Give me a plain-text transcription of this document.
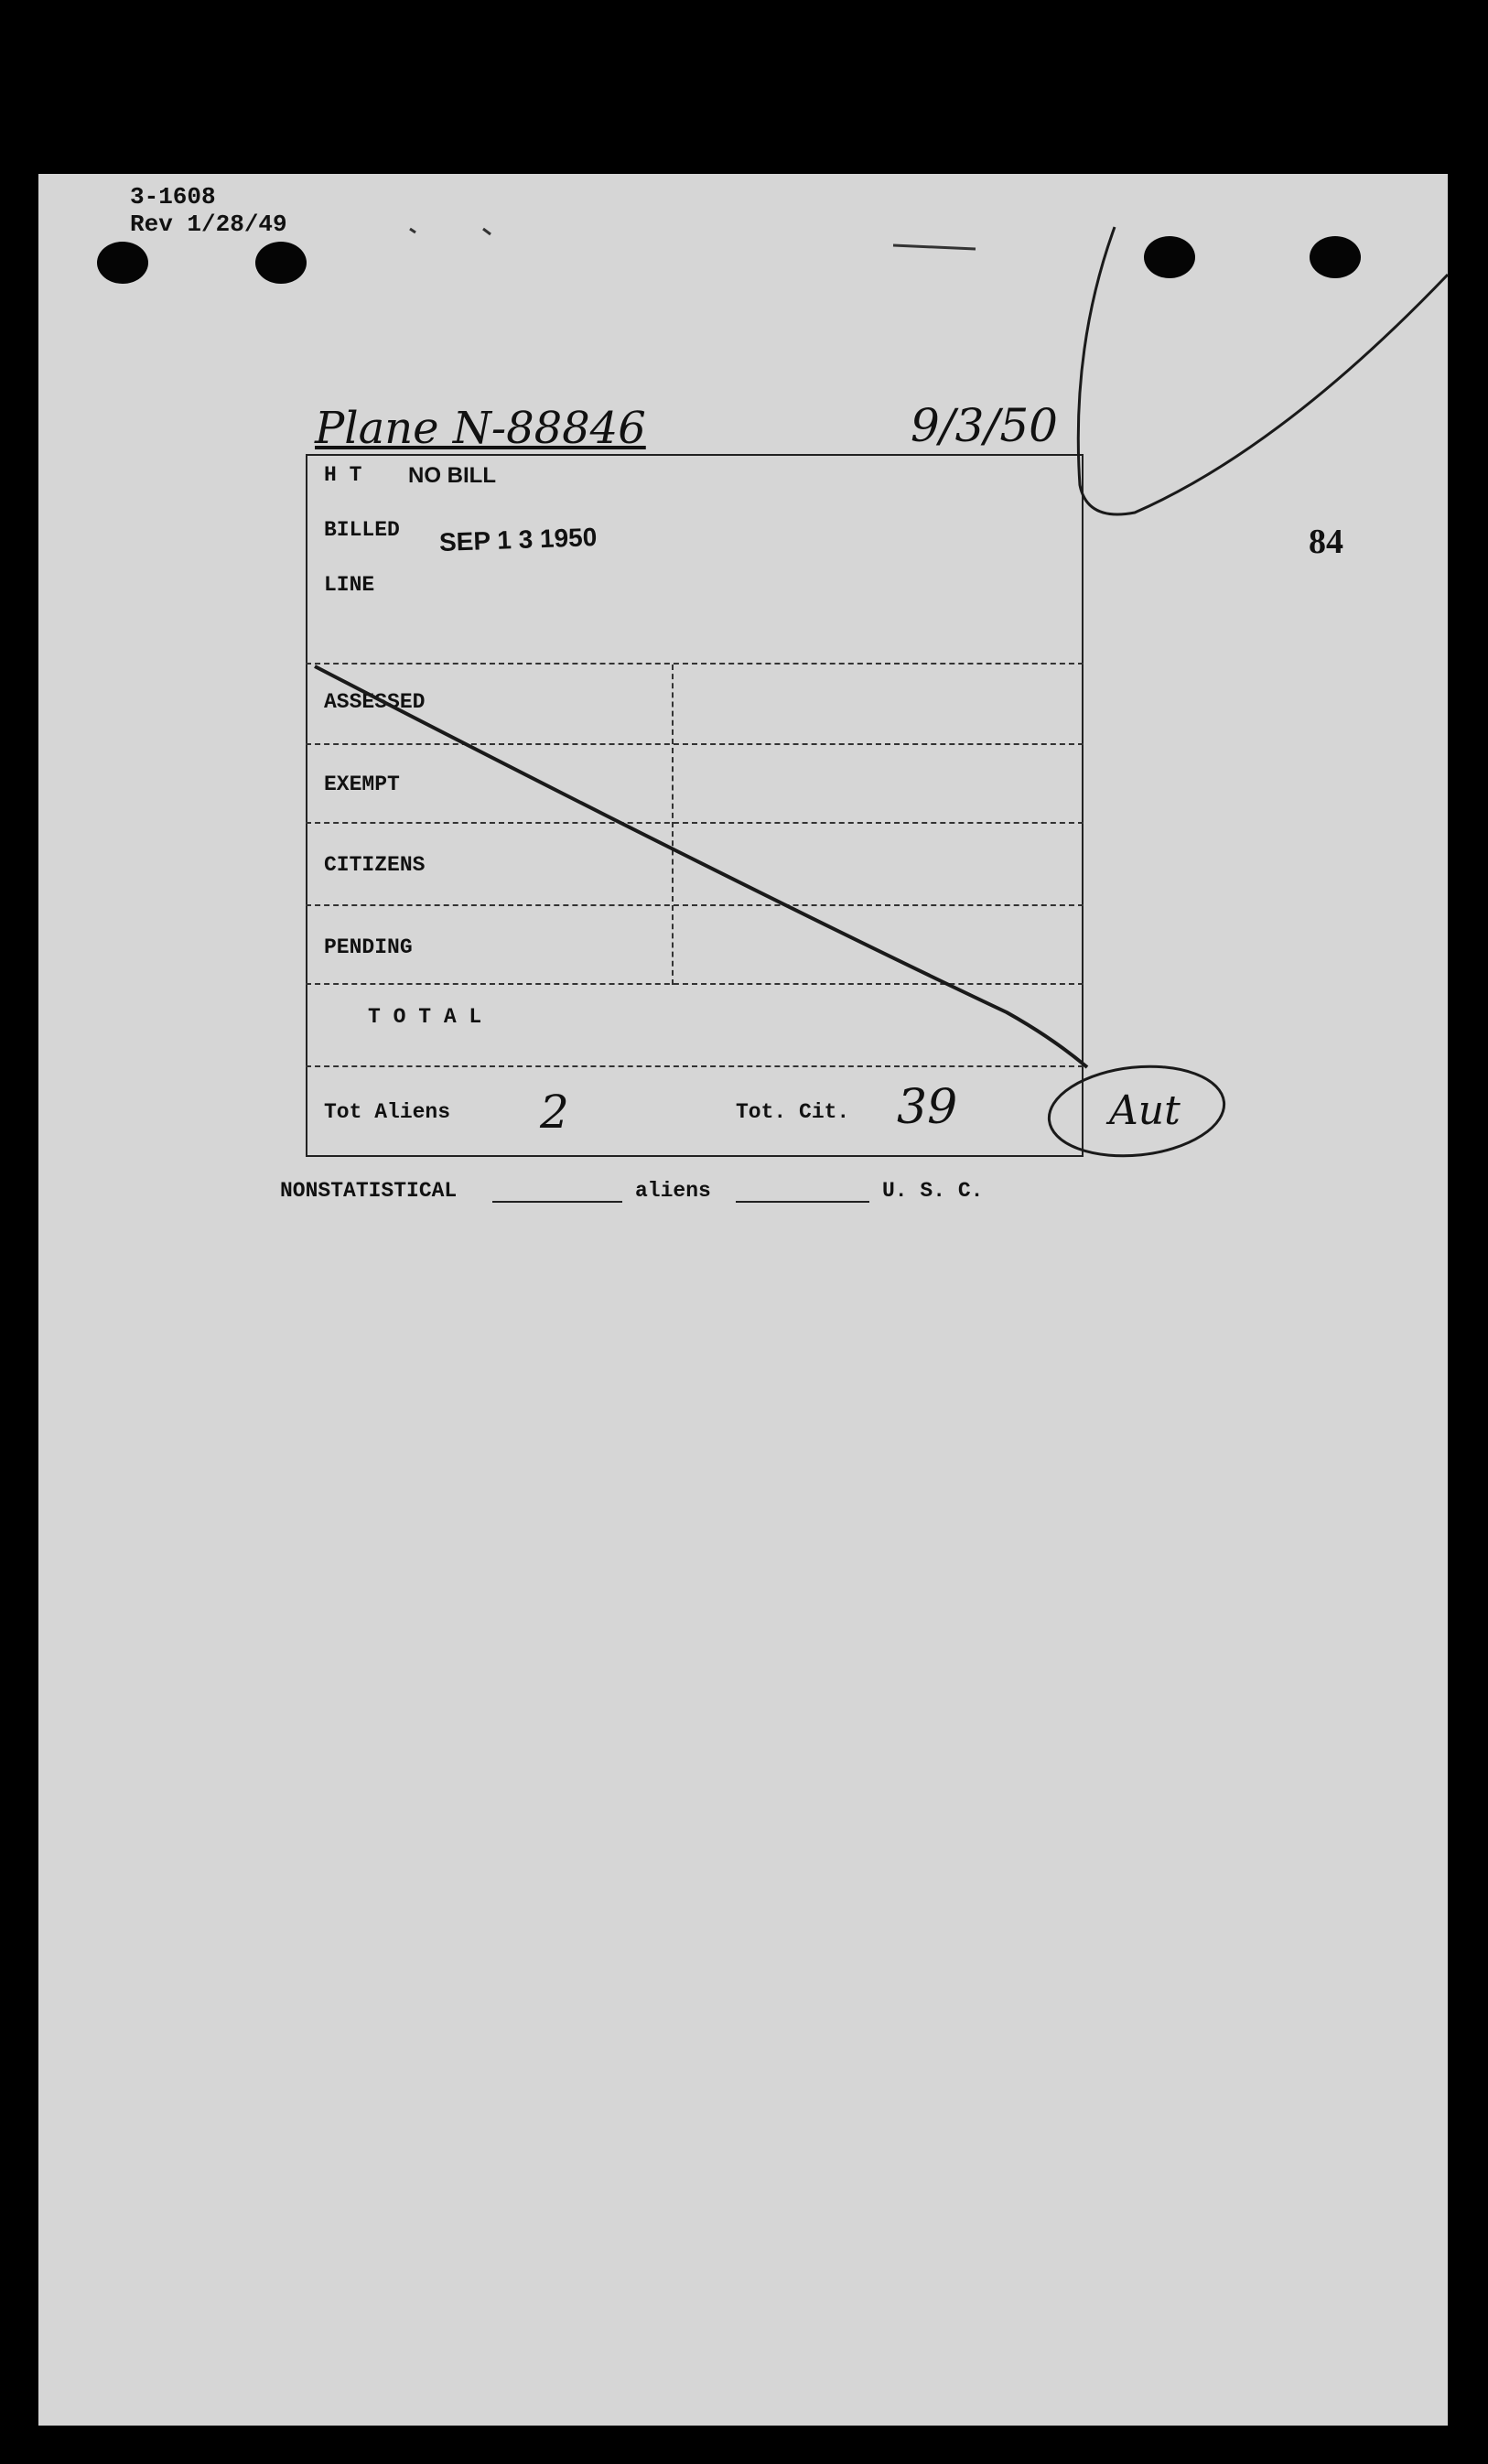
3-1608
Rev 1/28/49
84
Plane N-88846	9/3/50
H T NO BILL
BILLED SEP 1 3 1950
LINE
ASSESSED
EXEMPT
CITIZENS
PENDING
T O T A L
Tot Aliens 2	Tot. Cit. 39	Aut
NONSTATISTICAL	aliens	U. S. C.
